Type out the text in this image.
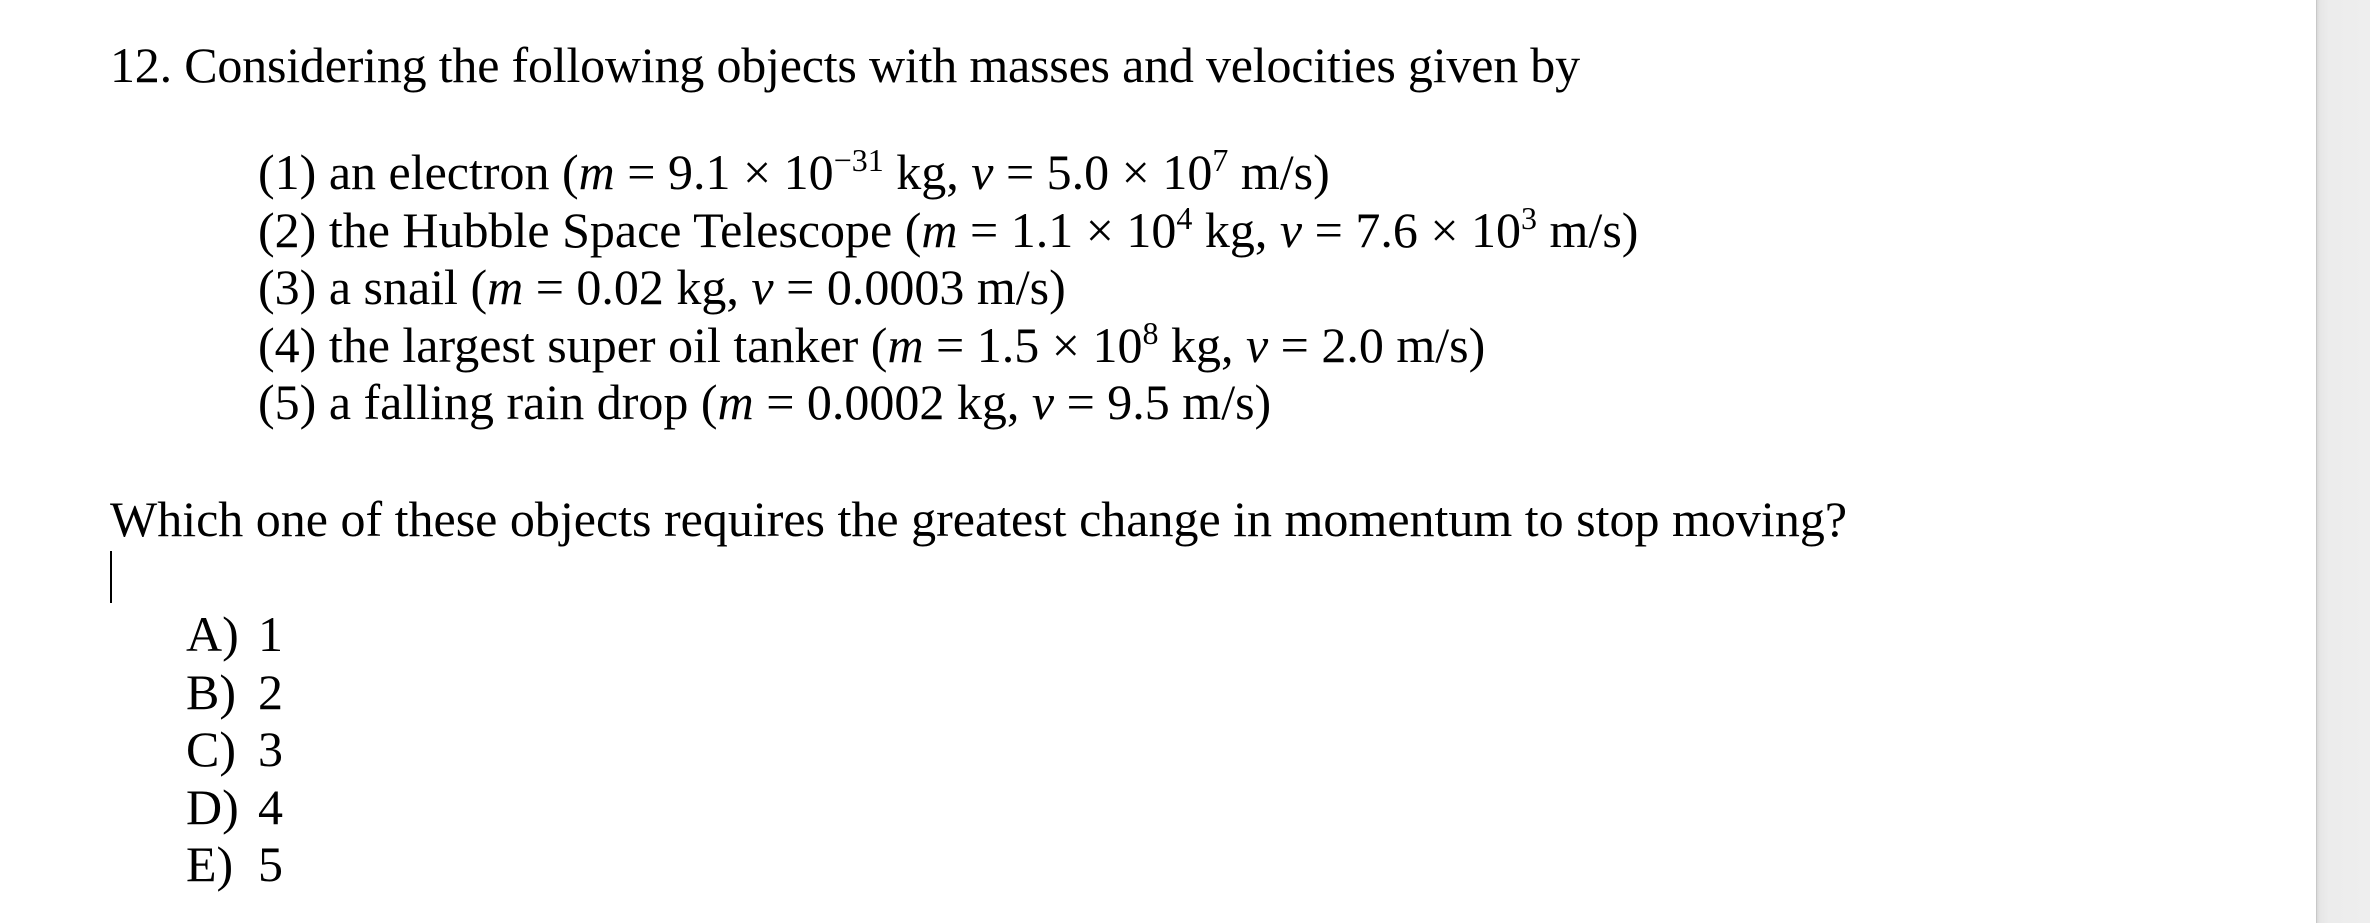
12. Considering the following objects with masses and velocities given by
(1) an electron ($m = 9.1 \times 10^{-31}$ kg, $v = 5.0 \times 10^7$ m/s)
(2) the Hubble Space Telescope ($m = 1.1 \times 10^4$ kg, $v = 7.6 \times 10^3$ m/s)
(3) a snail (m = 0.02 kg, v = 0.0003 m/s)
(4) the largest super oil tanker ($m = 1.5 \times 10^8$ kg, v = 2.0 m/s)
(5) a falling rain drop (m = 0.0002 kg, v = 9.5 m/s)
Which one of these objects requires the greatest change in momentum to stop moving?
A) 1
B) 2
C) 3
D) 4
E) 5
